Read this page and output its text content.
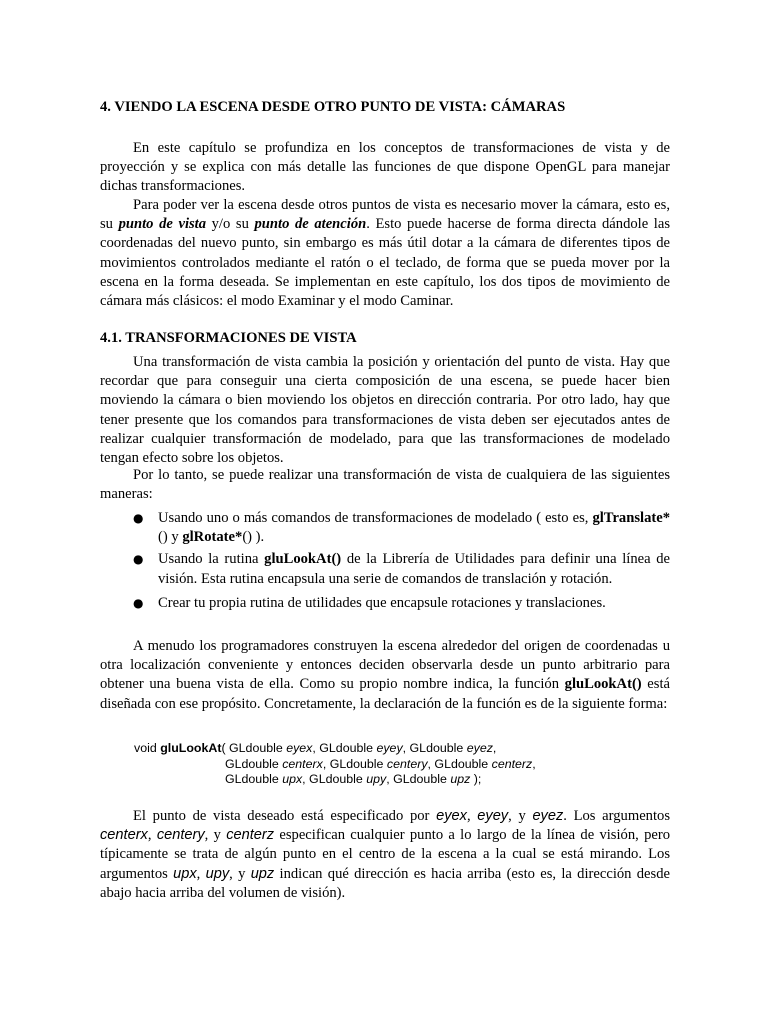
4. VIENDO LA ESCENA DESDE OTRO PUNTO DE VISTA: CÁMARAS

En este capítulo se profundiza en los conceptos de transformaciones de vista y de proyección y se explica con más detalle las funciones de que dispone OpenGL para manejar dichas transformaciones.

Para poder ver la escena desde otros puntos de vista es necesario mover la cámara, esto es, su punto de vista y/o su punto de atención. Esto puede hacerse de forma directa dándole las coordenadas del nuevo punto, sin embargo es más útil dotar a la cámara de diferentes tipos de movimientos controlados mediante el ratón o el teclado, de forma que se pueda mover por la escena en la forma deseada. Se implementan en este capítulo, los dos tipos de movimiento de cámara más clásicos: el modo Examinar y el modo Caminar.

4.1. TRANSFORMACIONES DE VISTA

Una transformación de vista cambia la posición y orientación del punto de vista. Hay que recordar que para conseguir una cierta composición de una escena, se puede hacer bien moviendo la cámara o bien moviendo los objetos en dirección contraria. Por otro lado, hay que tener presente que los comandos para transformaciones de vista deben ser ejecutados antes de realizar cualquier transformación de modelado, para que las transformaciones de modelado tengan efecto sobre los objetos.

Por lo tanto, se puede realizar una transformación de vista de cualquiera de las siguientes maneras:

● Usando uno o más comandos de transformaciones de modelado ( esto es, glTranslate*() y glRotate*() ).
● Usando la rutina gluLookAt() de la Librería de Utilidades para definir una línea de visión. Esta rutina encapsula una serie de comandos de translación y rotación.
● Crear tu propia rutina de utilidades que encapsule rotaciones y translaciones.

A menudo los programadores construyen la escena alrededor del origen de coordenadas u otra localización conveniente y entonces deciden observarla desde un punto arbitrario para obtener una buena vista de ella. Como su propio nombre indica, la función gluLookAt() está diseñada con ese propósito. Concretamente, la declaración de la función es de la siguiente forma:

void gluLookAt( GLdouble eyex, GLdouble eyey, GLdouble eyez,
GLdouble centerx, GLdouble centery, GLdouble centerz,
GLdouble upx, GLdouble upy, GLdouble upz );

El punto de vista deseado está especificado por eyex, eyey, y eyez. Los argumentos centerx, centery, y centerz especifican cualquier punto a lo largo de la línea de visión, pero típicamente se trata de algún punto en el centro de la escena a la cual se está mirando. Los argumentos upx, upy, y upz indican qué dirección es hacia arriba (esto es, la dirección desde abajo hacia arriba del volumen de visión).
